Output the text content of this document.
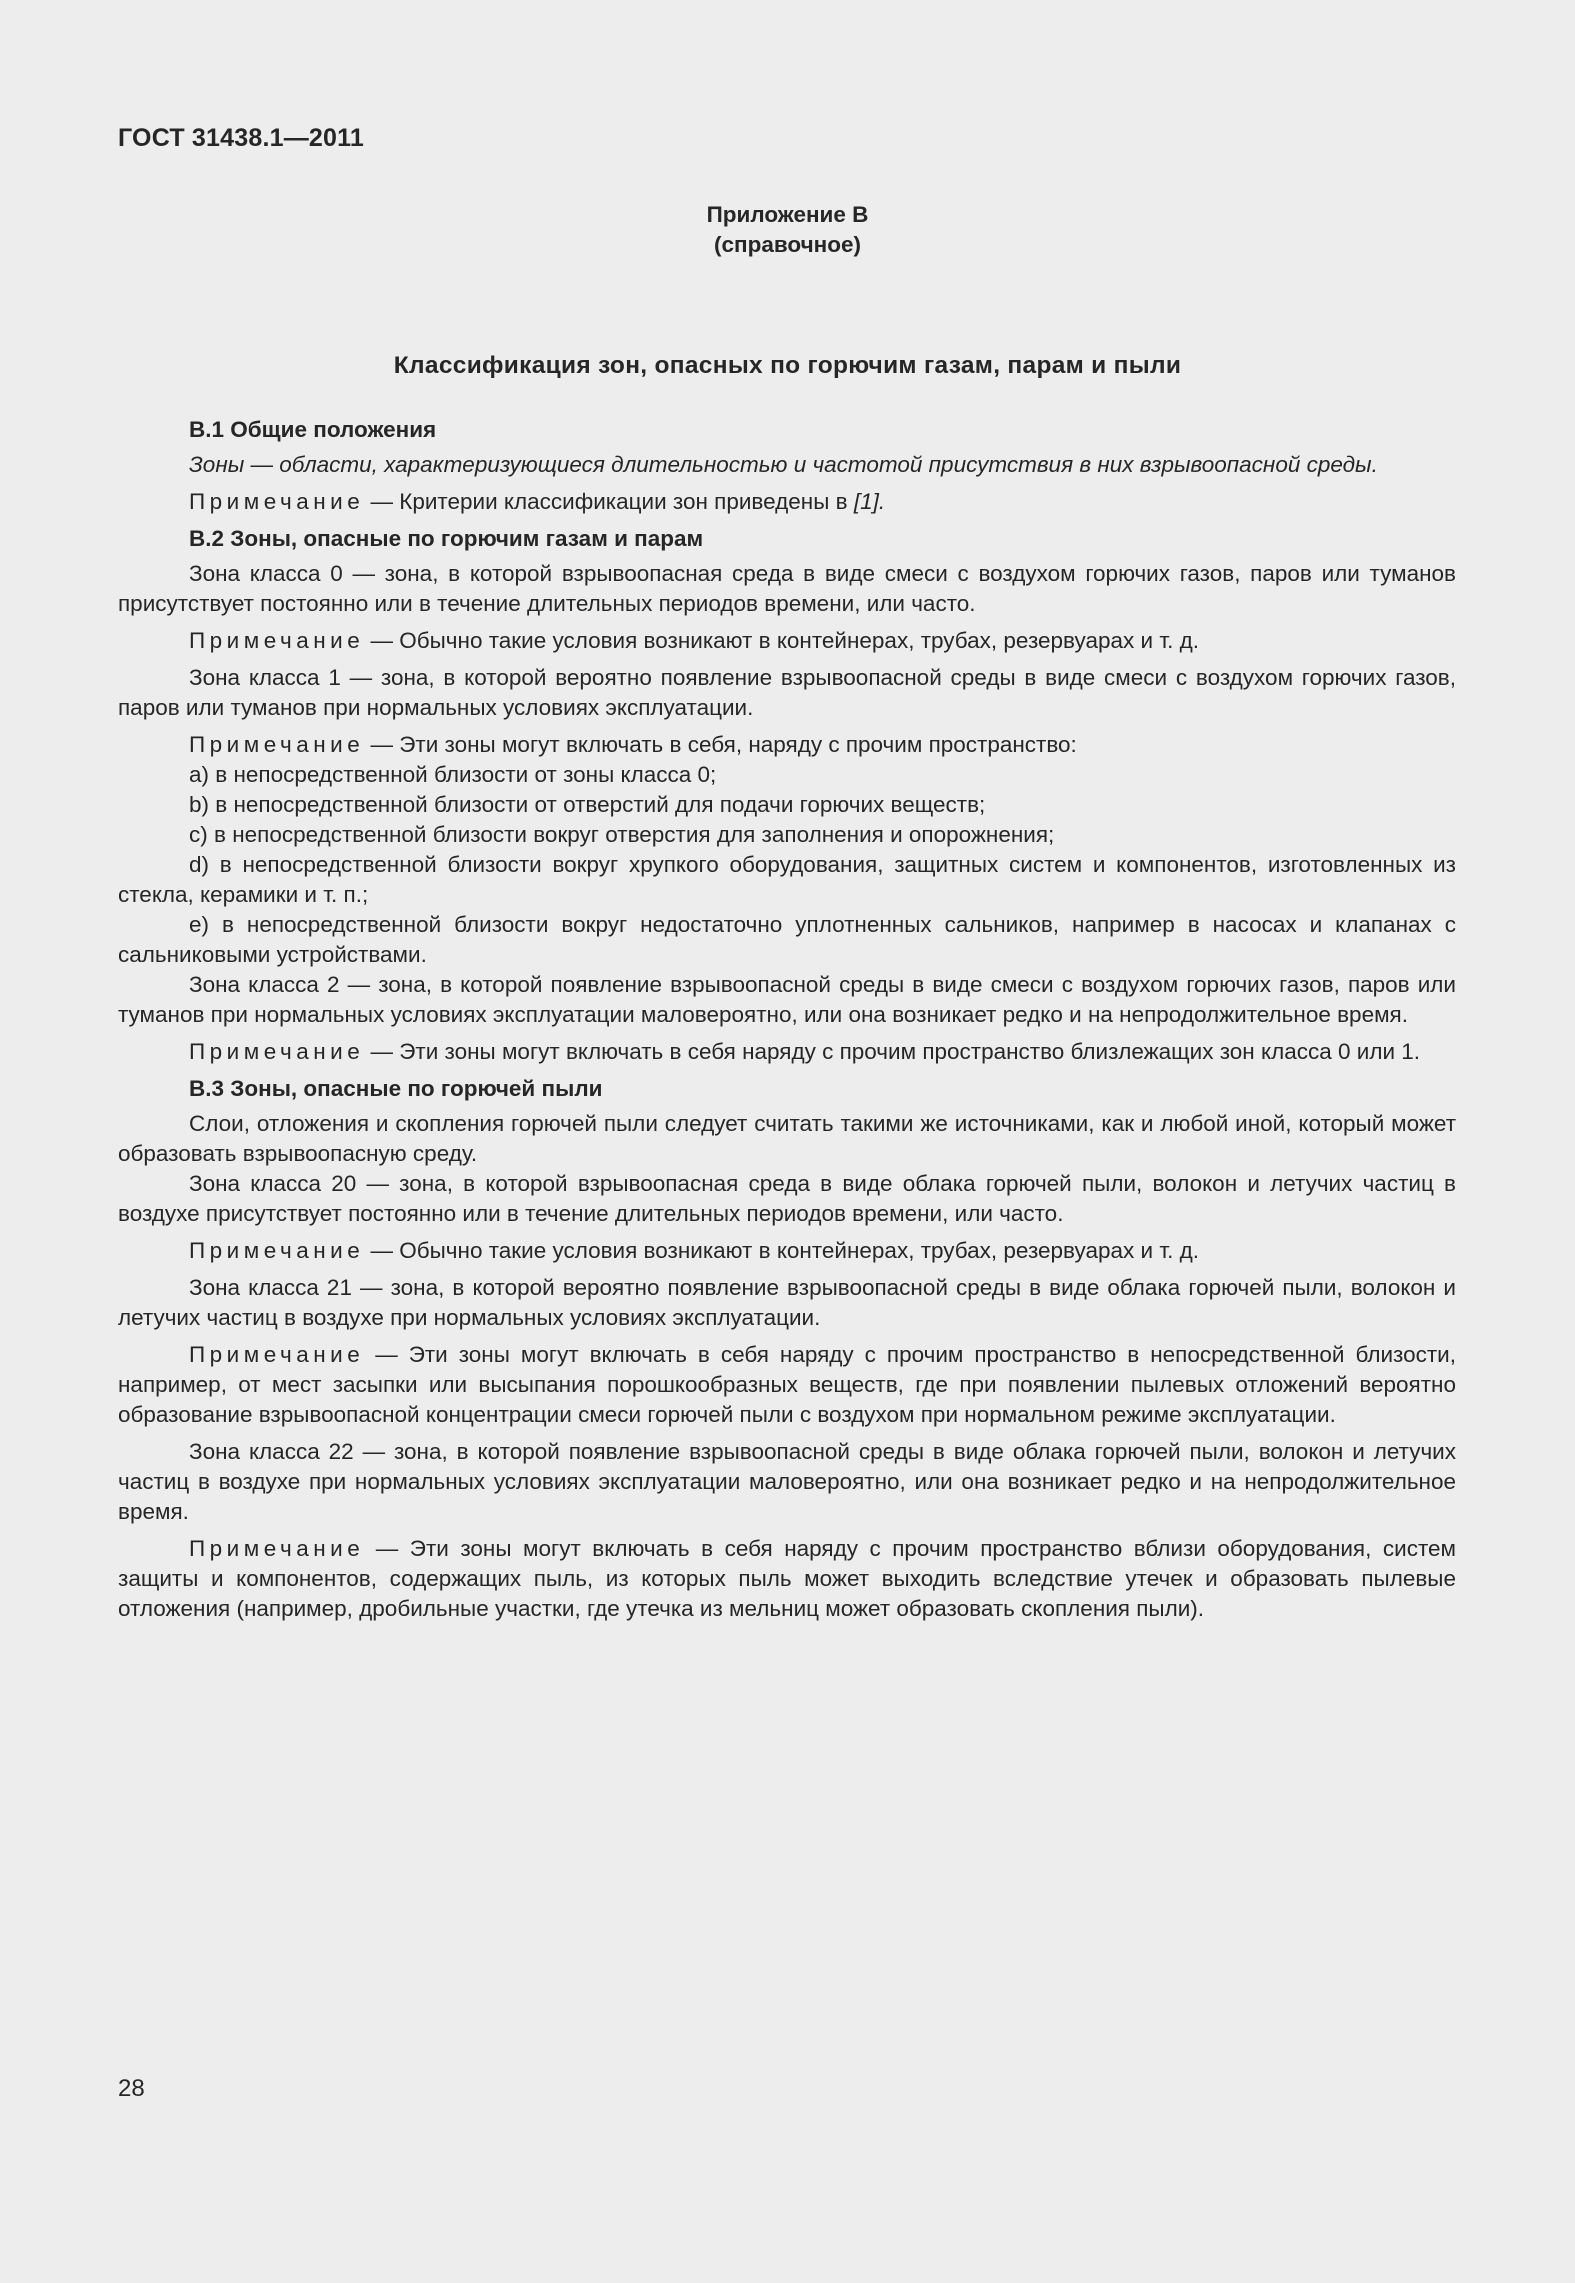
ГОСТ 31438.1—2011
Приложение В
(справочное)
Классификация зон, опасных по горючим газам, парам и пыли

В.1 Общие положения

Зоны — области, характеризующиеся длительностью и частотой присутствия в них взрывоопасной среды.

Примечание — Критерии классификации зон приведены в [1].

В.2 Зоны, опасные по горючим газам и парам

Зона класса 0 — зона, в которой взрывоопасная среда в виде смеси с воздухом горючих газов, паров или туманов присутствует постоянно или в течение длительных периодов времени, или часто.

Примечание — Обычно такие условия возникают в контейнерах, трубах, резервуарах и т. д.

Зона класса 1 — зона, в которой вероятно появление взрывоопасной среды в виде смеси с воздухом горючих газов, паров или туманов при нормальных условиях эксплуатации.

Примечание — Эти зоны могут включать в себя, наряду с прочим пространство:

a) в непосредственной близости от зоны класса 0;

b) в непосредственной близости от отверстий для подачи горючих веществ;

c) в непосредственной близости вокруг отверстия для заполнения и опорожнения;

d) в непосредственной близости вокруг хрупкого оборудования, защитных систем и компонентов, изготовленных из стекла, керамики и т. п.;

e) в непосредственной близости вокруг недостаточно уплотненных сальников, например в насосах и клапанах с сальниковыми устройствами.

Зона класса 2 — зона, в которой появление взрывоопасной среды в виде смеси с воздухом горючих газов, паров или туманов при нормальных условиях эксплуатации маловероятно, или она возникает редко и на непродолжительное время.

Примечание — Эти зоны могут включать в себя наряду с прочим пространство близлежащих зон класса 0 или 1.

В.3 Зоны, опасные по горючей пыли

Слои, отложения и скопления горючей пыли следует считать такими же источниками, как и любой иной, который может образовать взрывоопасную среду.

Зона класса 20 — зона, в которой взрывоопасная среда в виде облака горючей пыли, волокон и летучих частиц в воздухе присутствует постоянно или в течение длительных периодов времени, или часто.

Примечание — Обычно такие условия возникают в контейнерах, трубах, резервуарах и т. д.

Зона класса 21 — зона, в которой вероятно появление взрывоопасной среды в виде облака горючей пыли, волокон и летучих частиц в воздухе при нормальных условиях эксплуатации.

Примечание — Эти зоны могут включать в себя наряду с прочим пространство в непосредственной близости, например, от мест засыпки или высыпания порошкообразных веществ, где при появлении пылевых отложений вероятно образование взрывоопасной концентрации смеси горючей пыли с воздухом при нормальном режиме эксплуатации.

Зона класса 22 — зона, в которой появление взрывоопасной среды в виде облака горючей пыли, волокон и летучих частиц в воздухе при нормальных условиях эксплуатации маловероятно, или она возникает редко и на непродолжительное время.

Примечание — Эти зоны могут включать в себя наряду с прочим пространство вблизи оборудования, систем защиты и компонентов, содержащих пыль, из которых пыль может выходить вследствие утечек и образовать пылевые отложения (например, дробильные участки, где утечка из мельниц может образовать скопления пыли).

28
